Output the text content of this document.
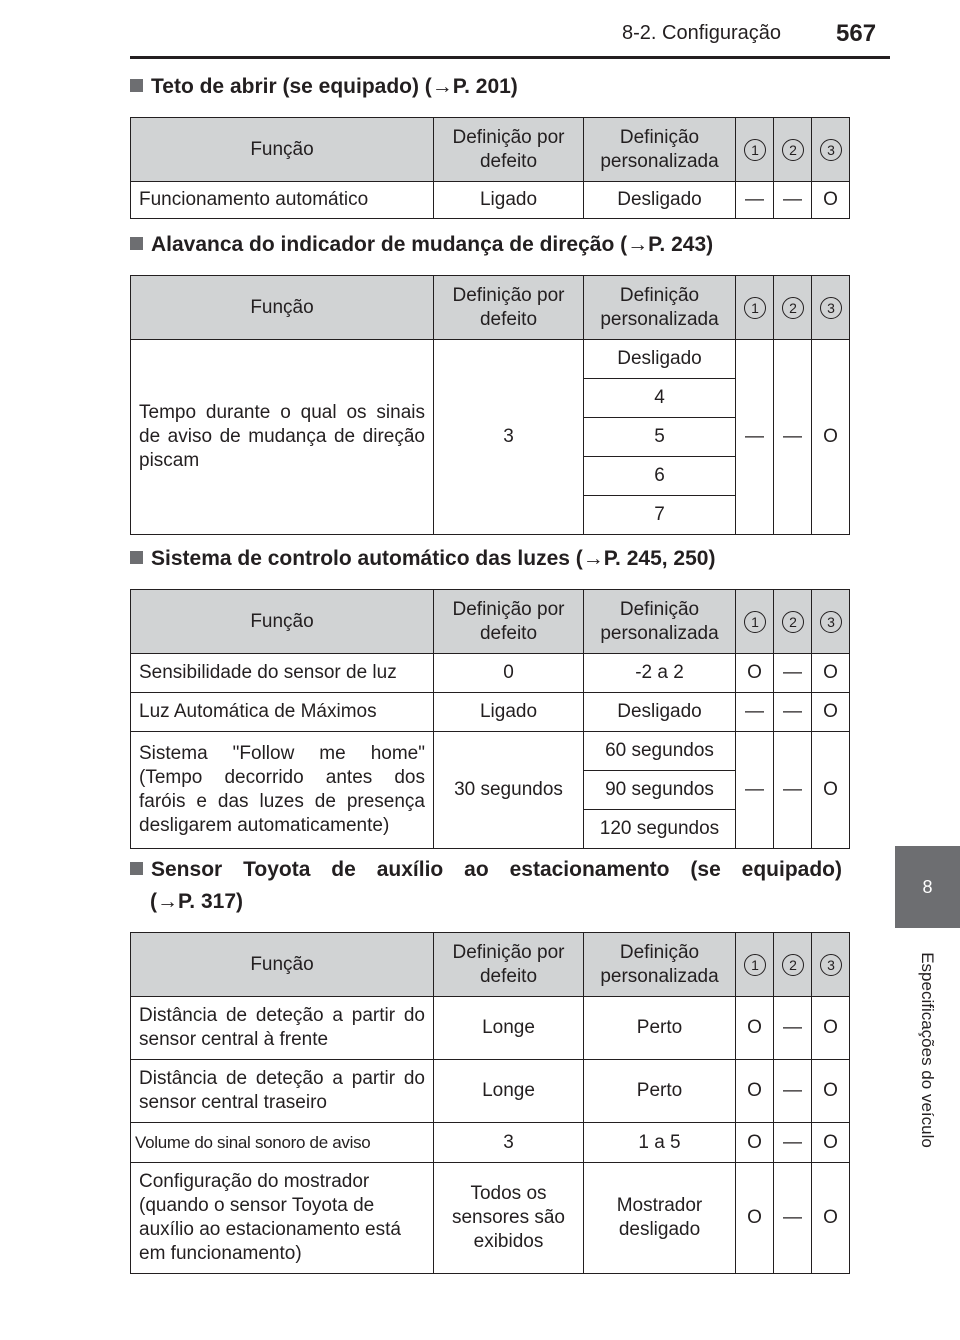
8-2. Configuração 567
8
Especificações do veículo
Teto de abrir (se equipado) (→P. 201)
Função	Definição por defeito	Definição personalizada	1	2	3
Funcionamento automático	Ligado	Desligado	—	—	O
Alavanca do indicador de mudança de direção (→P. 243)
Função	Definição por defeito	Definição personalizada	1	2	3
Tempo durante o qual os sinais de aviso de mudança de direção piscam	3	Desligado	—	—	O
		4			
		5			
		6			
		7			
Sistema de controlo automático das luzes (→P. 245, 250)
Função	Definição por defeito	Definição personalizada	1	2	3
Sensibilidade do sensor de luz	0	-2 a 2	O	—	O
Luz Automática de Máximos	Ligado	Desligado	—	—	O
Sistema "Follow me home" (Tempo decorrido antes dos faróis e das luzes de presença desligarem automaticamente)	30 segundos	60 segundos	—	—	O
		90 segundos			
		120 segundos			
Sensor Toyota de auxílio ao estacionamento (se equipado)
(→P. 317)
Função	Definição por defeito	Definição personalizada	1	2	3
Distância de deteção a partir do sensor central à frente	Longe	Perto	O	—	O
Distância de deteção a partir do sensor central traseiro	Longe	Perto	O	—	O
Volume do sinal sonoro de aviso	3	1 a 5	O	—	O
Configuração do mostrador (quando o sensor Toyota de auxílio ao estacionamento está em funcionamento)	Todos os sensores são exibidos	Mostrador desligado	O	—	O
